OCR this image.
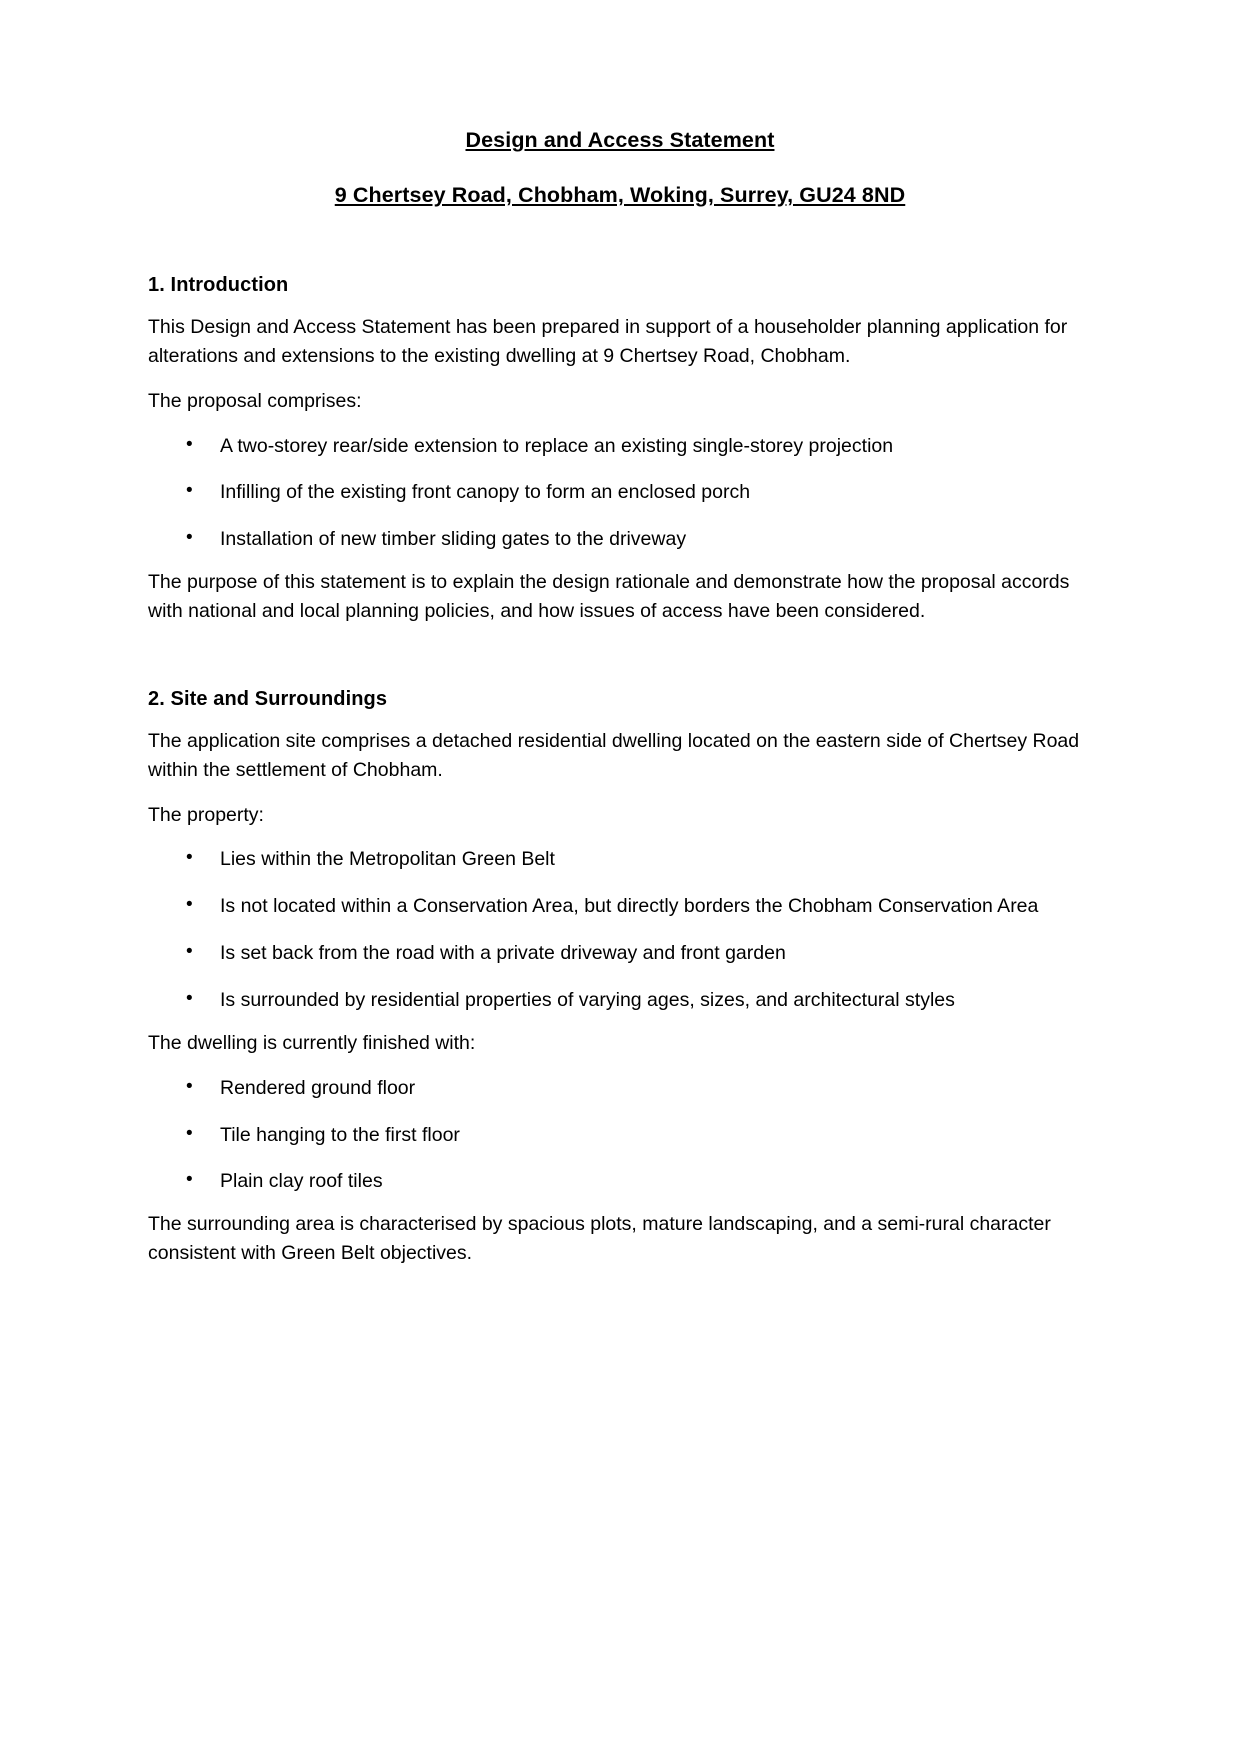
Design and Access Statement
9 Chertsey Road, Chobham, Woking, Surrey, GU24 8ND
1. Introduction

This Design and Access Statement has been prepared in support of a householder planning application for alterations and extensions to the existing dwelling at 9 Chertsey Road, Chobham.

The proposal comprises:

• A two-storey rear/side extension to replace an existing single-storey projection
• Infilling of the existing front canopy to form an enclosed porch
• Installation of new timber sliding gates to the driveway

The purpose of this statement is to explain the design rationale and demonstrate how the proposal accords with national and local planning policies, and how issues of access have been considered.

2. Site and Surroundings

The application site comprises a detached residential dwelling located on the eastern side of Chertsey Road within the settlement of Chobham.

The property:

• Lies within the Metropolitan Green Belt
• Is not located within a Conservation Area, but directly borders the Chobham Conservation Area
• Is set back from the road with a private driveway and front garden
• Is surrounded by residential properties of varying ages, sizes, and architectural styles

The dwelling is currently finished with:

• Rendered ground floor
• Tile hanging to the first floor
• Plain clay roof tiles

The surrounding area is characterised by spacious plots, mature landscaping, and a semi-rural character consistent with Green Belt objectives.
